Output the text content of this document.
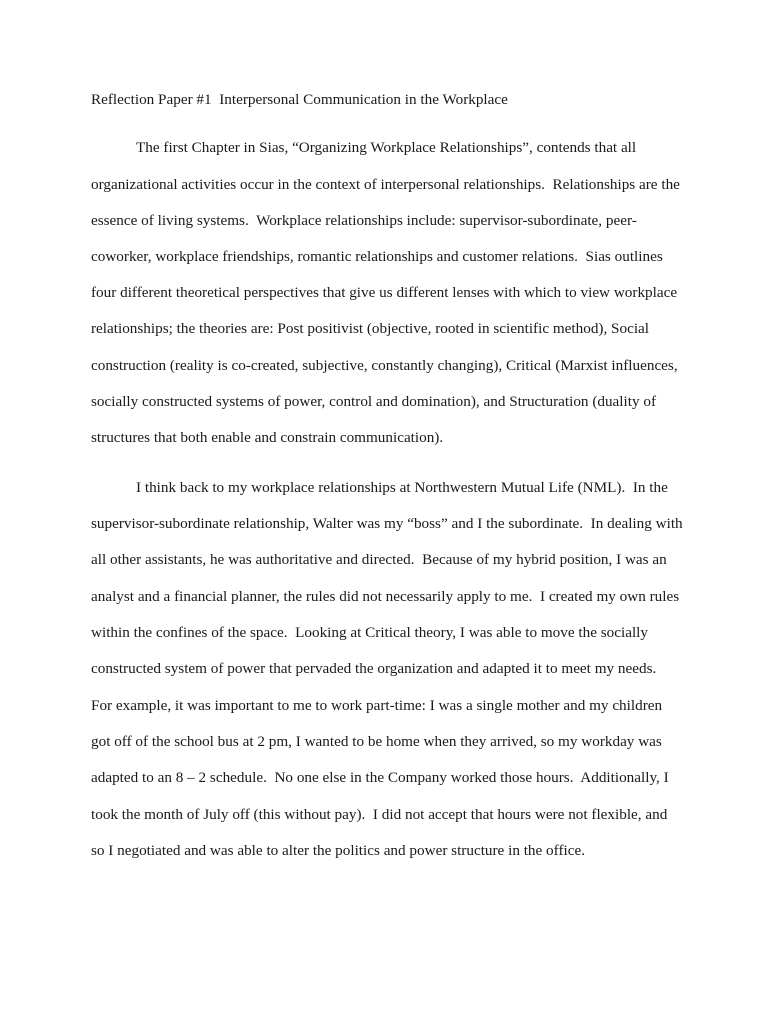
Reflection Paper #1  Interpersonal Communication in the Workplace
The first Chapter in Sias, “Organizing Workplace Relationships”, contends that all
organizational activities occur in the context of interpersonal relationships.  Relationships are the
essence of living systems.  Workplace relationships include: supervisor-subordinate, peer-
coworker, workplace friendships, romantic relationships and customer relations.  Sias outlines
four different theoretical perspectives that give us different lenses with which to view workplace
relationships; the theories are: Post positivist (objective, rooted in scientific method), Social
construction (reality is co-created, subjective, constantly changing), Critical (Marxist influences,
socially constructed systems of power, control and domination), and Structuration (duality of
structures that both enable and constrain communication).
I think back to my workplace relationships at Northwestern Mutual Life (NML).  In the
supervisor-subordinate relationship, Walter was my “boss” and I the subordinate.  In dealing with
all other assistants, he was authoritative and directed.  Because of my hybrid position, I was an
analyst and a financial planner, the rules did not necessarily apply to me.  I created my own rules
within the confines of the space.  Looking at Critical theory, I was able to move the socially
constructed system of power that pervaded the organization and adapted it to meet my needs.
For example, it was important to me to work part-time: I was a single mother and my children
got off of the school bus at 2 pm, I wanted to be home when they arrived, so my workday was
adapted to an 8 – 2 schedule.  No one else in the Company worked those hours.  Additionally, I
took the month of July off (this without pay).  I did not accept that hours were not flexible, and
so I negotiated and was able to alter the politics and power structure in the office.
